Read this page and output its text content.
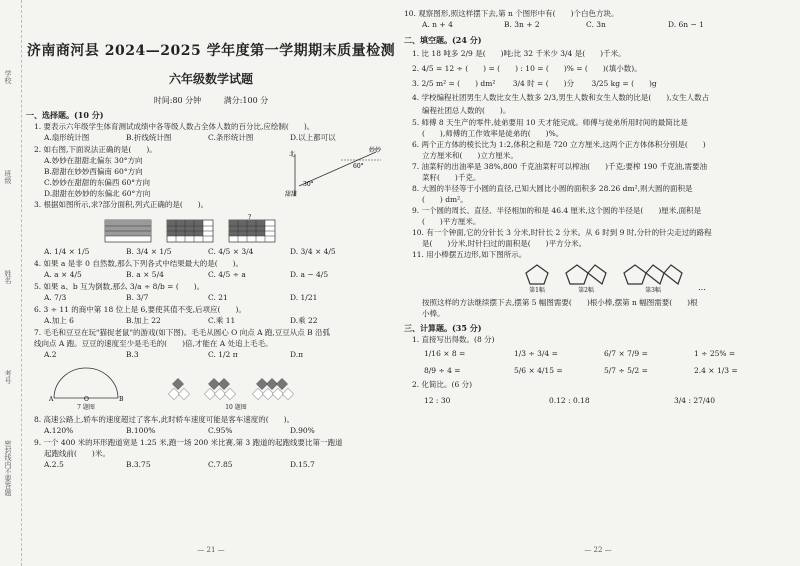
学校
班级
姓名
考号
密封线内不要答题
济南商河县 2024—2025 学年度第一学期期末质量检测
六年级数学试题
时间:80 分钟	满分:100 分
一、选择题。(10 分)
1. 要表示六年级学生体育测试成绩中各等级人数占全体人数的百分比,应绘制(　　)。
A.扇形统计图	B.折线统计图	C.条形统计图	D.以上都可以
2. 如右图,下面说法正确的是(　　)。
A.妙妙在甜甜北偏东 30°方向
B.甜甜在妙妙西偏南 60°方向
C.妙妙在甜甜的东偏西 60°方向
D.甜甜在妙妙的东偏北 60°方向
北
妙妙
60°
30°
甜甜
3. 根据如图所示,求?部分面积,列式正确的是(　　)。
?
A. 1/4 × 1/5	B. 3/4 × 1/5	C. 4/5 × 3/4	D. 3/4 × 4/5
4. 如果 a 是非 0 自然数,那么下列各式中结果最大的是(　　)。
A. a × 4/5	B. a × 5/4	C. 4/5 ÷ a	D. a − 4/5
5. 如果 a、b 互为倒数,那么 3/a ÷ 8/b = (　　)。
A. 7/3	B. 3/7	C. 21	D. 1/21
6. 3 ÷ 11 的商中第 18 位上是 6,要使其值不变,后项应(　　)。
A.加上 6	B.加上 22	C.乘 11	D.乘 22
7. 毛毛和豆豆在玩"猫捉老鼠"的游戏(如下图)。毛毛从圆心 O 向点 A 跑,豆豆从点 B 沿弧
线向点 A 跑。豆豆的速度至少是毛毛的(　　)倍,才能在 A 处追上毛毛。
A.2	B.3	C. 1/2 π	D.π
A	O	B
7 题图	10 题图
8. 高速公路上,轿车的速度超过了客车,此时轿车速度可能是客车速度的(　　)。
A.120%	B.100%	C.95%	D.90%
9. 一个 400 米的环形跑道宽是 1.25 米,跑一场 200 米比赛,第 3 跑道的起跑线要比第一跑道
起跑线前(　　)米。
A.2.5	B.3.75	C.7.85	D.15.7
— 21 —
10. 观察图形,照这样摆下去,第 n 个图形中有(　　)个白色方块。
A. n + 4	B. 3n + 2	C. 3n	D. 6n − 1
二、填空题。(24 分)
1. 比 18 吨多 2/9 是(　　)吨;比 32 千米少 3/4 是(　　)千米。
2. 4/5 = 12 ÷ (　　) = (　　) : 10 = (　　)% = (　　)(填小数)。
3. 2/5 m² = (　　) dm²　　 3/4 时 = (　　)分　　 3/25 kg = (　　)g
4. 学校编程社团男生人数比女生人数多 2/3,男生人数和女生人数的比是(　　),女生人数占
编程社团总人数的(　　)。
5. 师傅 8 天生产的零件,徒弟要用 10 天才能完成。师傅与徒弟所用时间的最简比是
(　　),师傅的工作效率是徒弟的(　　)%。
6. 两个正方体的棱长比为 1:2,体积之和是 720 立方厘米,这两个正方体体积分别是(　　)
立方厘米和(　　)立方厘米。
7. 油菜籽的出油率是 38%,800 千克油菜籽可以榨油(　　)千克;要榨 190 千克油,需要油
菜籽(　　)千克。
8. 大圆的半径等于小圆的直径,已知大圆比小圆的面积多 28.26 dm²,则大圆的面积是
(　　) dm²。
9. 一个圆的周长、直径、半径相加的和是 46.4 厘米,这个圆的半径是(　　)厘米,面积是
(　　)平方厘米。
10. 有一个钟面,它的分针长 3 分米,时针长 2 分米。从 6 时到 9 时,分针的针尖走过的路程
是(　　)分米,时针扫过的面积是(　　)平方分米。
11. 用小棒摆五边形,如下图所示。
第1幅	第2幅	第3幅	⋯
按照这样的方法继续摆下去,摆第 5 幅图需要(　　)根小棒,摆第 n 幅图需要(　　)根
小棒。
三、计算题。(35 分)
1. 直接写出得数。(8 分)
1/16 × 8 =	1/3 ÷ 3/4 =	6/7 × 7/9 =	1 ÷ 25% =
8/9 ÷ 4 =	5/6 × 4/15 =	5/7 ÷ 5/2 =	2.4 × 1/3 =
2. 化简比。(6 分)
12 : 30	0.12 : 0.18	3/4 : 27/40
— 22 —
